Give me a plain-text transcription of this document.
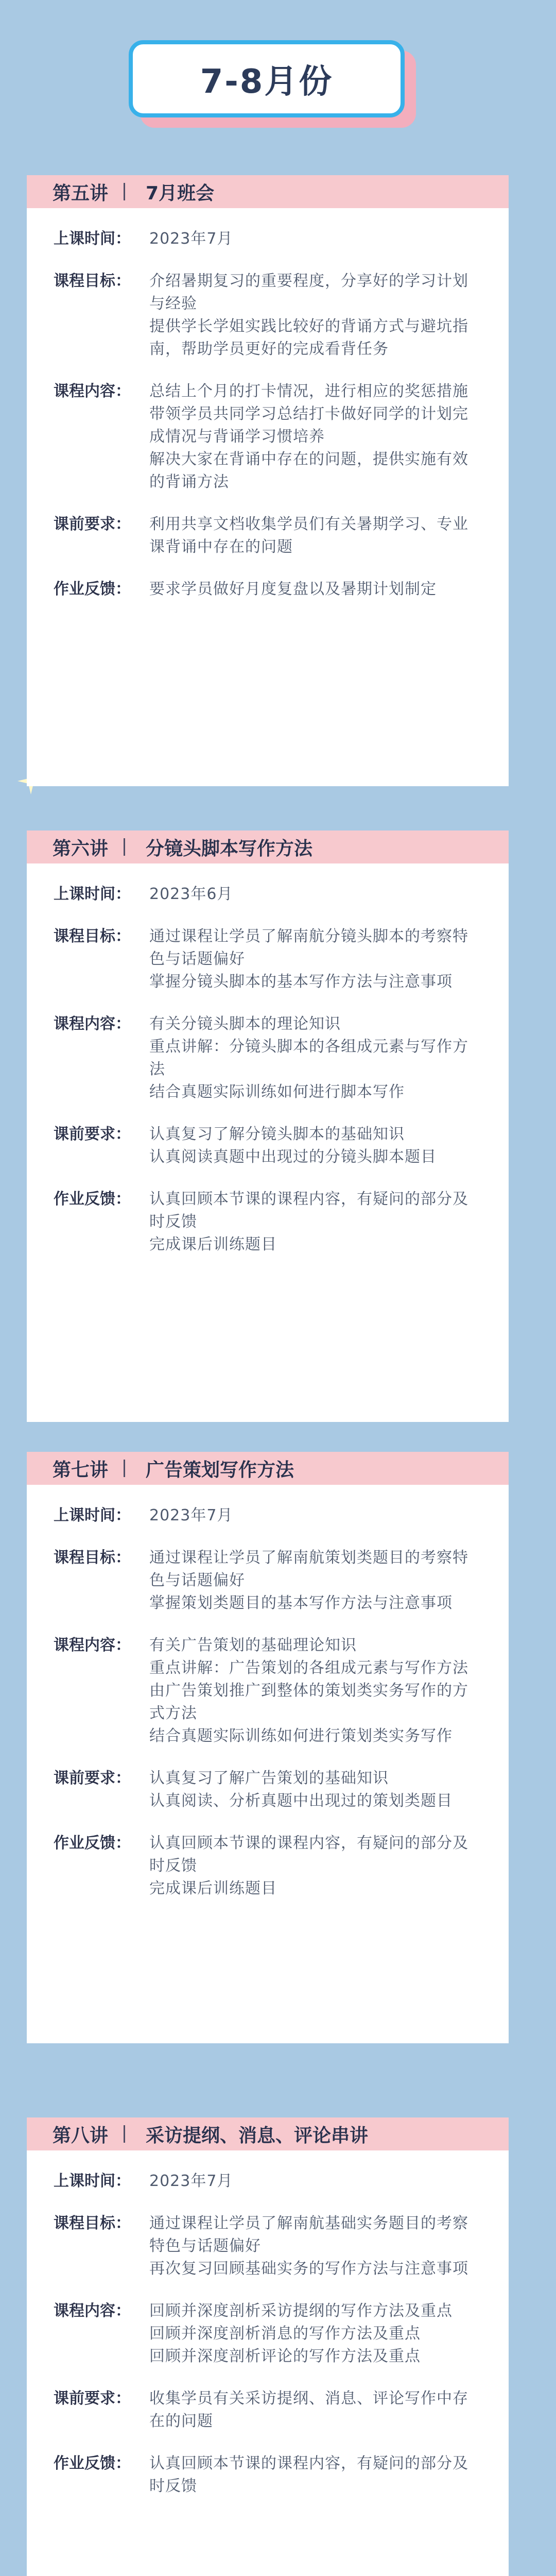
7-8月份
第五讲 7月班会
上课时间：	2023年7月
课程目标：	介绍暑期复习的重要程度，分享好的学习计划与经验
提供学长学姐实践比较好的背诵方式与避坑指南，帮助学员更好的完成看背任务
课程内容：	总结上个月的打卡情况，进行相应的奖惩措施
带领学员共同学习总结打卡做好同学的计划完成情况与背诵学习惯培养
解决大家在背诵中存在的问题，提供实施有效的背诵方法
课前要求：	利用共享文档收集学员们有关暑期学习、专业课背诵中存在的问题
作业反馈：	要求学员做好月度复盘以及暑期计划制定
第六讲 分镜头脚本写作方法
上课时间：	2023年6月
课程目标：	通过课程让学员了解南航分镜头脚本的考察特色与话题偏好
掌握分镜头脚本的基本写作方法与注意事项
课程内容：	有关分镜头脚本的理论知识
重点讲解：分镜头脚本的各组成元素与写作方法
结合真题实际训练如何进行脚本写作
课前要求：	认真复习了解分镜头脚本的基础知识
认真阅读真题中出现过的分镜头脚本题目
作业反馈：	认真回顾本节课的课程内容，有疑问的部分及时反馈
完成课后训练题目
第七讲 广告策划写作方法
上课时间：	2023年7月
课程目标：	通过课程让学员了解南航策划类题目的考察特色与话题偏好
掌握策划类题目的基本写作方法与注意事项
课程内容：	有关广告策划的基础理论知识
重点讲解：广告策划的各组成元素与写作方法
由广告策划推广到整体的策划类实务写作的方式方法
结合真题实际训练如何进行策划类实务写作
课前要求：	认真复习了解广告策划的基础知识
认真阅读、分析真题中出现过的策划类题目
作业反馈：	认真回顾本节课的课程内容，有疑问的部分及时反馈
完成课后训练题目
第八讲 采访提纲、消息、评论串讲
上课时间：	2023年7月
课程目标：	通过课程让学员了解南航基础实务题目的考察特色与话题偏好
再次复习回顾基础实务的写作方法与注意事项
课程内容：	回顾并深度剖析采访提纲的写作方法及重点
回顾并深度剖析消息的写作方法及重点
回顾并深度剖析评论的写作方法及重点
课前要求：	收集学员有关采访提纲、消息、评论写作中存在的问题
作业反馈：	认真回顾本节课的课程内容，有疑问的部分及时反馈
